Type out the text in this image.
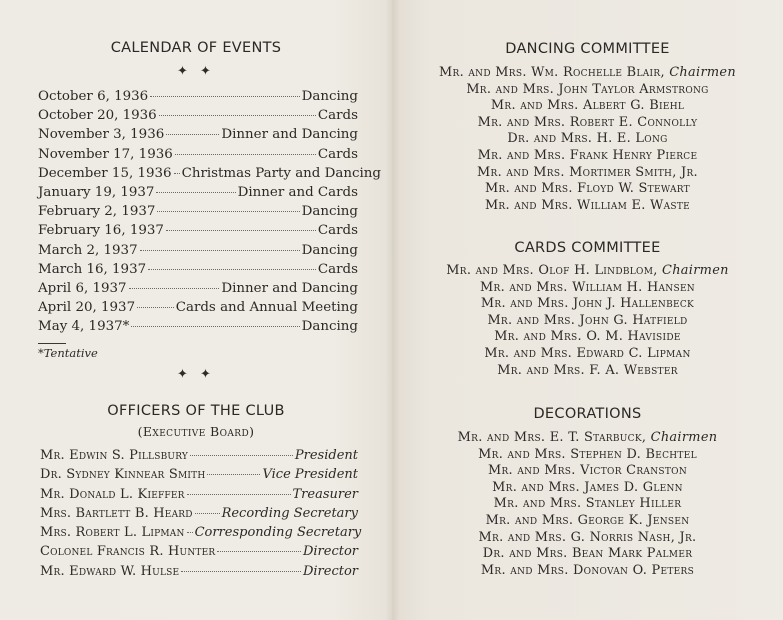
CALENDAR OF EVENTS
✦ ✦
October 6, 1936	Dancing
October 20, 1936	Cards
November 3, 1936	Dinner and Dancing
November 17, 1936	Cards
December 15, 1936 Christmas Party and Dancing
January 19, 1937	Dinner and Cards
February 2, 1937	Dancing
February 16, 1937	Cards
March 2, 1937	Dancing
March 16, 1937	Cards
April 6, 1937	Dinner and Dancing
April 20, 1937	Cards and Annual Meeting
May 4, 1937*	Dancing
*Tentative
✦ ✦
OFFICERS OF THE CLUB
(Executive Board)
Mr. Edwin S. Pillsbury	President
Dr. Sydney Kinnear Smith	Vice President
Mr. Donald L. Kieffer	Treasurer
Mrs. Bartlett B. Heard Recording Secretary
Mrs. Robert L. Lipman Corresponding Secretary
Colonel Francis R. Hunter	Director
Mr. Edward W. Hulse	Director
DANCING COMMITTEE
Mr. and Mrs. Wm. Rochelle Blair, Chairmen
Mr. and Mrs. John Taylor Armstrong
Mr. and Mrs. Albert G. Biehl
Mr. and Mrs. Robert E. Connolly
Dr. and Mrs. H. E. Long
Mr. and Mrs. Frank Henry Pierce
Mr. and Mrs. Mortimer Smith, Jr.
Mr. and Mrs. Floyd W. Stewart
Mr. and Mrs. William E. Waste
CARDS COMMITTEE
Mr. and Mrs. Olof H. Lindblom, Chairmen
Mr. and Mrs. William H. Hansen
Mr. and Mrs. John J. Hallenbeck
Mr. and Mrs. John G. Hatfield
Mr. and Mrs. O. M. Haviside
Mr. and Mrs. Edward C. Lipman
Mr. and Mrs. F. A. Webster
DECORATIONS
Mr. and Mrs. E. T. Starbuck, Chairmen
Mr. and Mrs. Stephen D. Bechtel
Mr. and Mrs. Victor Cranston
Mr. and Mrs. James D. Glenn
Mr. and Mrs. Stanley Hiller
Mr. and Mrs. George K. Jensen
Mr. and Mrs. G. Norris Nash, Jr.
Dr. and Mrs. Bean Mark Palmer
Mr. and Mrs. Donovan O. Peters
